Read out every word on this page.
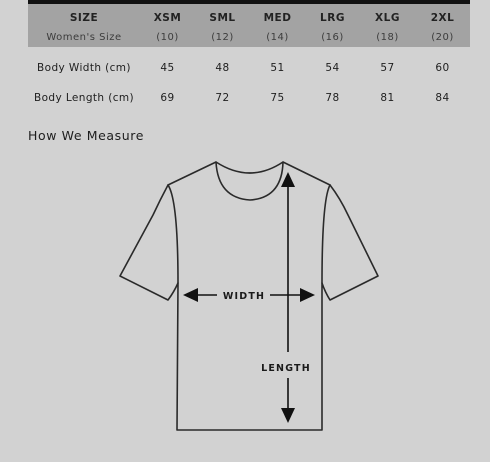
SIZE	XSM	SML	MED	LRG	XLG	2XL
Women's Size	(10)	(12)	(14)	(16)	(18)	(20)
Body Width (cm)	45	48	51	54	57	60
Body Length (cm)	69	72	75	78	81	84
How We Measure
WIDTH
LENGTH
